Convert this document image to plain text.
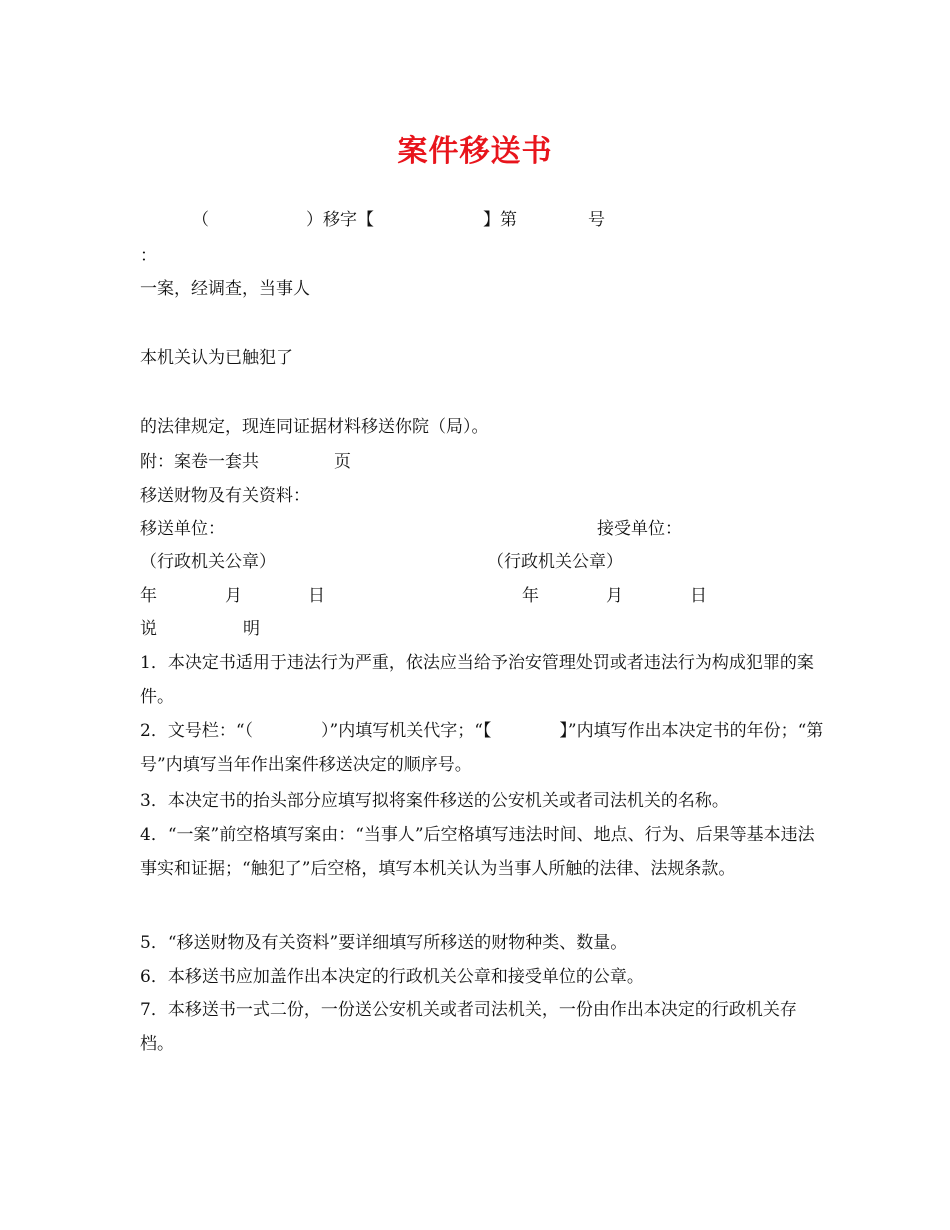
案件移送书
（	）移字【	】第	号
：
一案，经调查，当事人
本机关认为已触犯了
的法律规定，现连同证据材料移送你院（局）。
附：案卷一套共	页
移送财物及有关资料：
移送单位：	接受单位：
（行政机关公章）	（行政机关公章）
年	月	日	年	月	日
说	明
1．本决定书适用于违法行为严重，依法应当给予治安管理处罚或者违法行为构成犯罪的案件。
2．文号栏：“（　　　　）”内填写机关代字；“【　　　　】”内填写作出本决定书的年份；“第　　　　号”内填写当年作出案件移送决定的顺序号。
3．本决定书的抬头部分应填写拟将案件移送的公安机关或者司法机关的名称。
4．“一案”前空格填写案由：“当事人”后空格填写违法时间、地点、行为、后果等基本违法事实和证据；“触犯了”后空格，填写本机关认为当事人所触的法律、法规条款。
5．“移送财物及有关资料”要详细填写所移送的财物种类、数量。
6．本移送书应加盖作出本决定的行政机关公章和接受单位的公章。
7．本移送书一式二份，一份送公安机关或者司法机关，一份由作出本决定的行政机关存档。
